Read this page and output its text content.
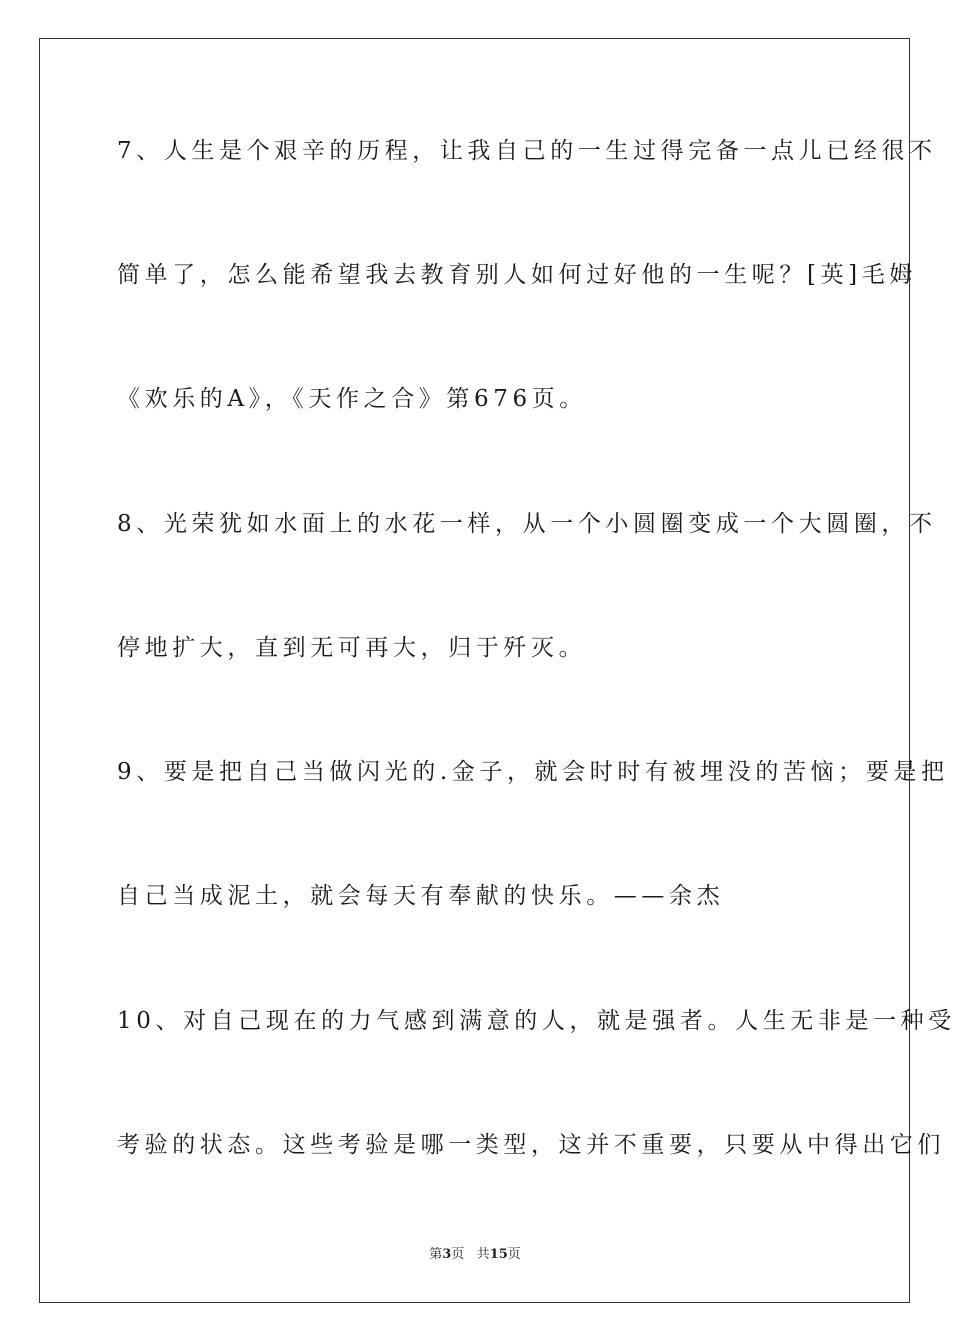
7、人生是个艰辛的历程，让我自己的一生过得完备一点儿已经很不
简单了，怎么能希望我去教育别人如何过好他的一生呢？[英]毛姆
《欢乐的A》，《天作之合》第676页。
8、光荣犹如水面上的水花一样，从一个小圆圈变成一个大圆圈，不
停地扩大，直到无可再大，归于歼灭。
9、要是把自己当做闪光的.金子，就会时时有被埋没的苦恼；要是把
自己当成泥土，就会每天有奉献的快乐。——余杰
10、对自己现在的力气感到满意的人，就是强者。人生无非是一种受
考验的状态。这些考验是哪一类型，这并不重要，只要从中得出它们
第3页 共15页
